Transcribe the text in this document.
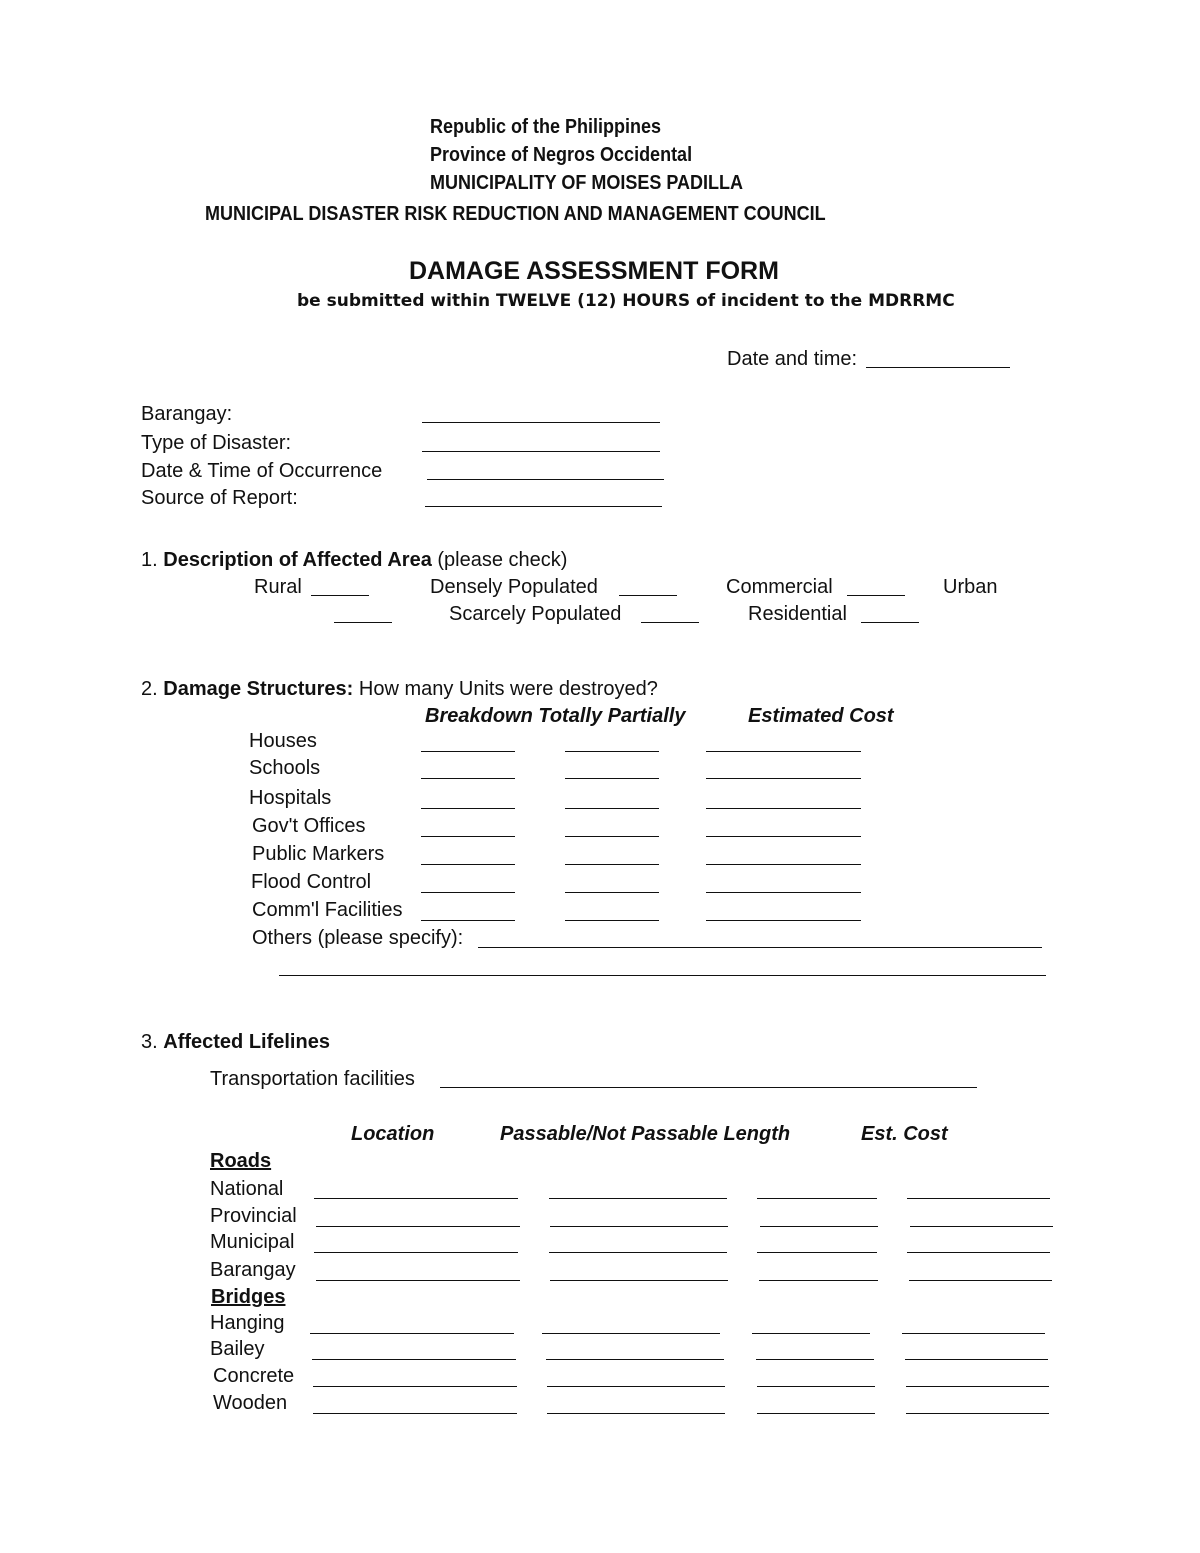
Republic of the Philippines
Province of Negros Occidental
MUNICIPALITY OF MOISES PADILLA
MUNICIPAL DISASTER RISK REDUCTION AND MANAGEMENT COUNCIL
DAMAGE ASSESSMENT FORM
be submitted within TWELVE (12) HOURS of incident to the MDRRMC
Date and time:
Barangay:
Type of Disaster:
Date & Time of Occurrence
Source of Report:
1. Description of Affected Area (please check)
Rural	Densely Populated	Commercial	Urban
Scarcely Populated	Residential
2. Damage Structures: How many Units were destroyed?
Breakdown Totally Partially	Estimated Cost
Houses
Schools
Hospitals
Gov't Offices
Public Markers
Flood Control
Comm'l Facilities
Others (please specify):
3. Affected Lifelines
Transportation facilities
Location	Passable/Not Passable Length	Est. Cost
Roads
National
Provincial
Municipal
Barangay
Bridges
Hanging
Bailey
Concrete
Wooden
